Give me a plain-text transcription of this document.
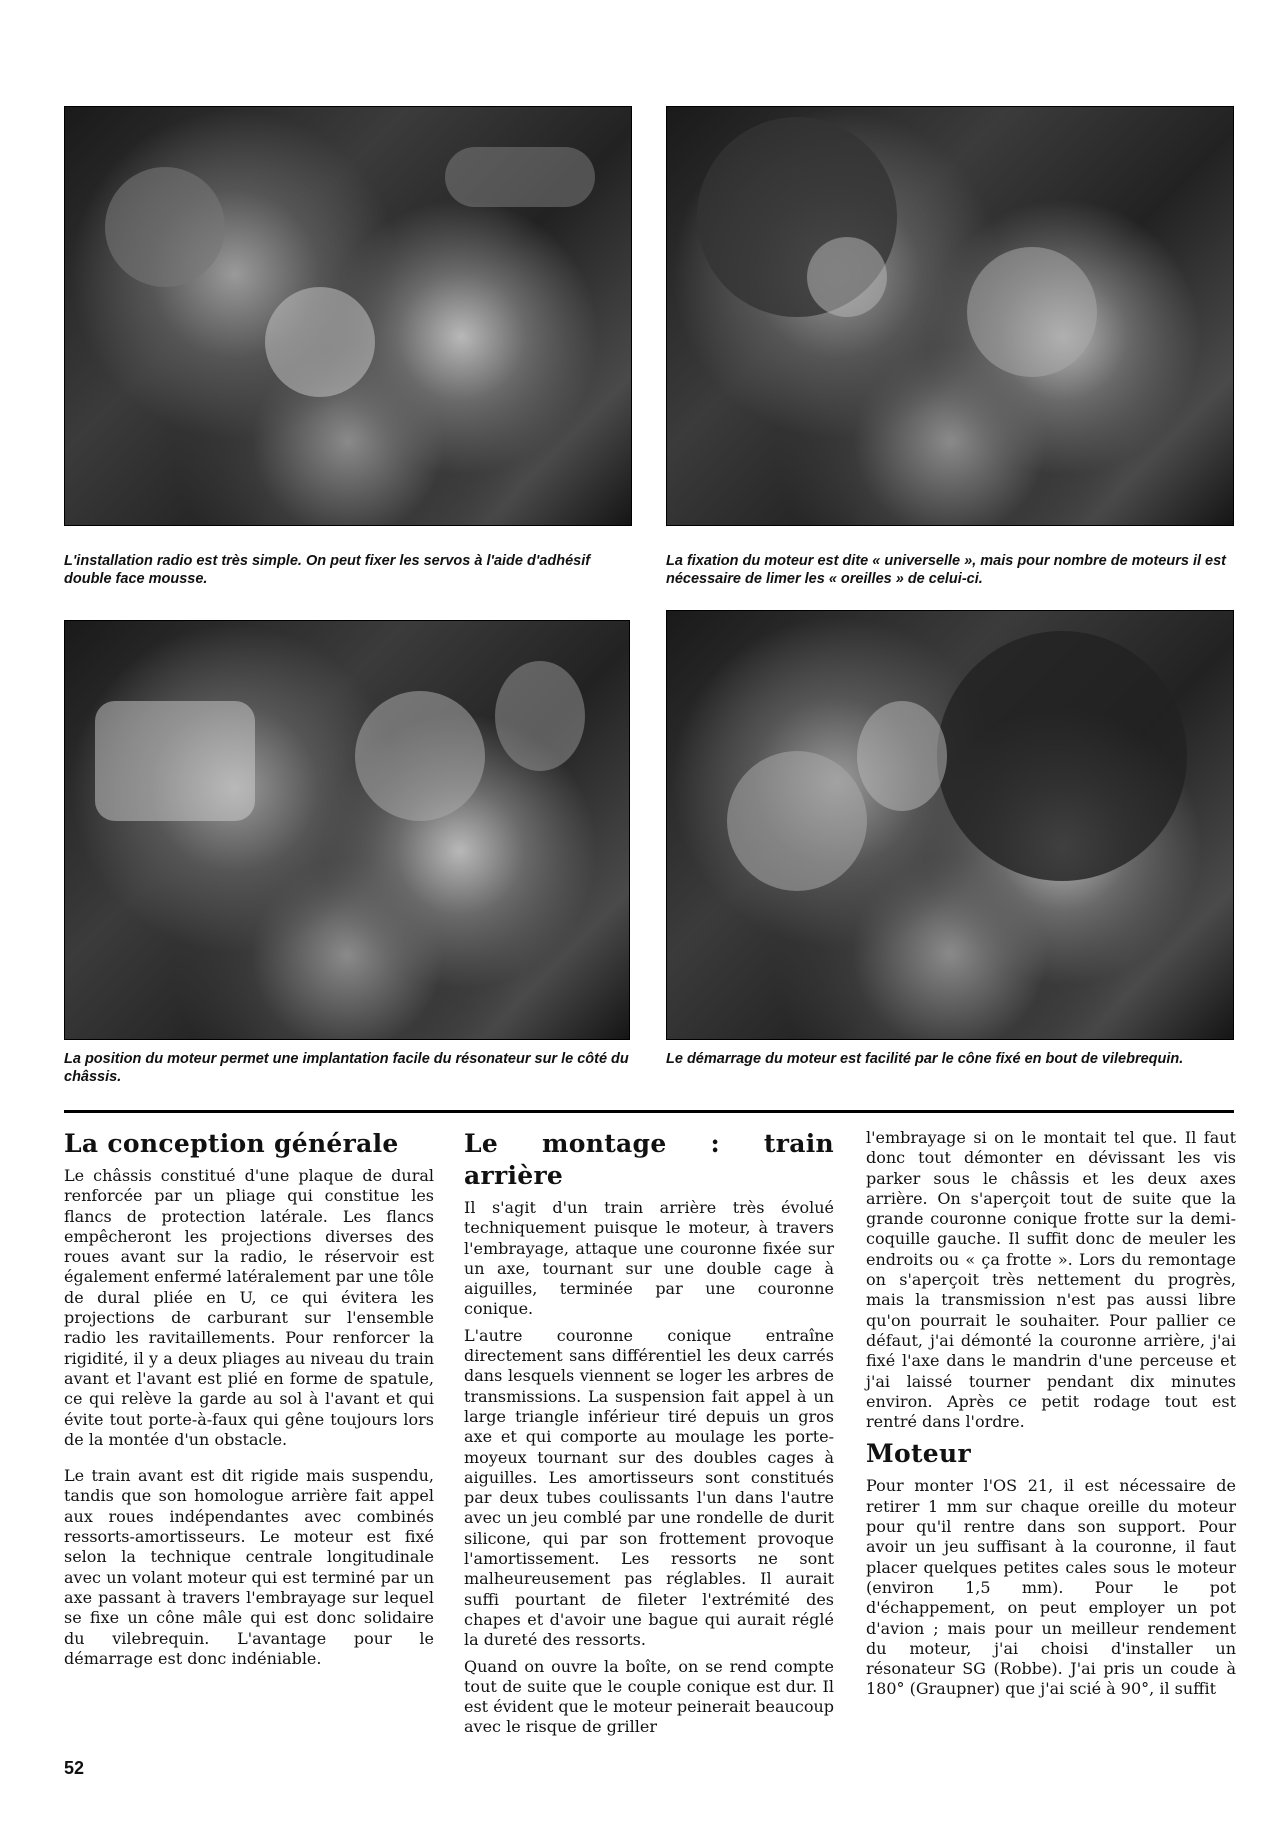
L'installation radio est très simple. On peut fixer les servos à l'aide d'adhésif double face mousse.

La fixation du moteur est dite « universelle », mais pour nombre de moteurs il est nécessaire de limer les « oreilles » de celui-ci.

La position du moteur permet une implantation facile du résonateur sur le côté du châssis.

Le démarrage du moteur est facilité par le cône fixé en bout de vilebrequin.

La conception générale

Le châssis constitué d'une plaque de dural renforcée par un pliage qui constitue les flancs de protection latérale. Les flancs empêcheront les projections diverses des roues avant sur la radio, le réservoir est également enfermé latéralement par une tôle de dural pliée en U, ce qui évitera les projections de carburant sur l'ensemble radio les ravitaillements. Pour renforcer la rigidité, il y a deux pliages au niveau du train avant et l'avant est plié en forme de spatule, ce qui relève la garde au sol à l'avant et qui évite tout porte-à-faux qui gêne toujours lors de la montée d'un obstacle.

Le train avant est dit rigide mais suspendu, tandis que son homologue arrière fait appel aux roues indépendantes avec combinés ressorts-amortisseurs. Le moteur est fixé selon la technique centrale longitudinale avec un volant moteur qui est terminé par un axe passant à travers l'embrayage sur lequel se fixe un cône mâle qui est donc solidaire du vilebrequin. L'avantage pour le démarrage est donc indéniable.

Le montage : train arrière

Il s'agit d'un train arrière très évolué techniquement puisque le moteur, à travers l'embrayage, attaque une couronne fixée sur un axe, tournant sur une double cage à aiguilles, terminée par une couronne conique.

L'autre couronne conique entraîne directement sans différentiel les deux carrés dans lesquels viennent se loger les arbres de transmissions. La suspension fait appel à un large triangle inférieur tiré depuis un gros axe et qui comporte au moulage les porte-moyeux tournant sur des doubles cages à aiguilles. Les amortisseurs sont constitués par deux tubes coulissants l'un dans l'autre avec un jeu comblé par une rondelle de durit silicone, qui par son frottement provoque l'amortissement. Les ressorts ne sont malheureusement pas réglables. Il aurait suffi pourtant de fileter l'extrémité des chapes et d'avoir une bague qui aurait réglé la dureté des ressorts.

Quand on ouvre la boîte, on se rend compte tout de suite que le couple conique est dur. Il est évident que le moteur peinerait beaucoup avec le risque de griller

l'embrayage si on le montait tel que. Il faut donc tout démonter en dévissant les vis parker sous le châssis et les deux axes arrière. On s'aperçoit tout de suite que la grande couronne conique frotte sur la demi-coquille gauche. Il suffit donc de meuler les endroits ou « ça frotte ». Lors du remontage on s'aperçoit très nettement du progrès, mais la transmission n'est pas aussi libre qu'on pourrait le souhaiter. Pour pallier ce défaut, j'ai démonté la couronne arrière, j'ai fixé l'axe dans le mandrin d'une perceuse et j'ai laissé tourner pendant dix minutes environ. Après ce petit rodage tout est rentré dans l'ordre.

Moteur

Pour monter l'OS 21, il est nécessaire de retirer 1 mm sur chaque oreille du moteur pour qu'il rentre dans son support. Pour avoir un jeu suffisant à la couronne, il faut placer quelques petites cales sous le moteur (environ 1,5 mm). Pour le pot d'échappement, on peut employer un pot d'avion ; mais pour un meilleur rendement du moteur, j'ai choisi d'installer un résonateur SG (Robbe). J'ai pris un coude à 180° (Graupner) que j'ai scié à 90°, il suffit

52
